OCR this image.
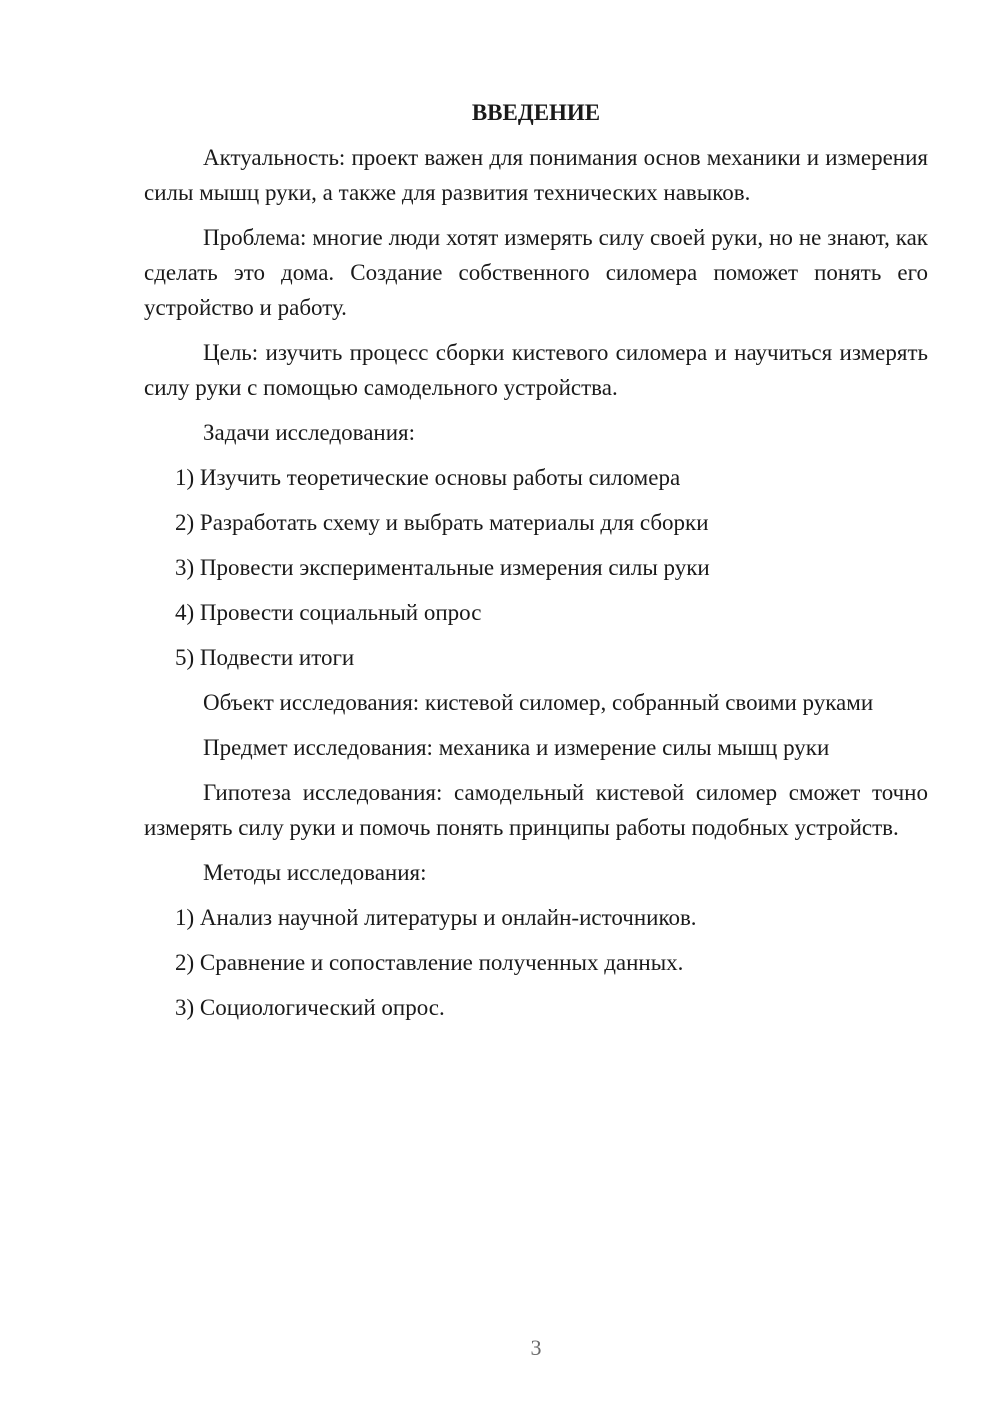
ВВЕДЕНИЕ
Актуальность: проект важен для понимания основ механики и измерения силы мышц руки, а также для развития технических навыков.
Проблема: многие люди хотят измерять силу своей руки, но не знают, как сделать это дома. Создание собственного силомера поможет понять его устройство и работу.
Цель: изучить процесс сборки кистевого силомера и научиться измерять силу руки с помощью самодельного устройства.
Задачи исследования:
1) Изучить теоретические основы работы силомера
2) Разработать схему и выбрать материалы для сборки
3) Провести экспериментальные измерения силы руки
4) Провести социальный опрос
5) Подвести итоги
Объект исследования: кистевой силомер, собранный своими руками
Предмет исследования: механика и измерение силы мышц руки
Гипотеза исследования: самодельный кистевой силомер сможет точно измерять силу руки и помочь понять принципы работы подобных устройств.
Методы исследования:
1) Анализ научной литературы и онлайн-источников.
2) Сравнение и сопоставление полученных данных.
3) Социологический опрос.
3
